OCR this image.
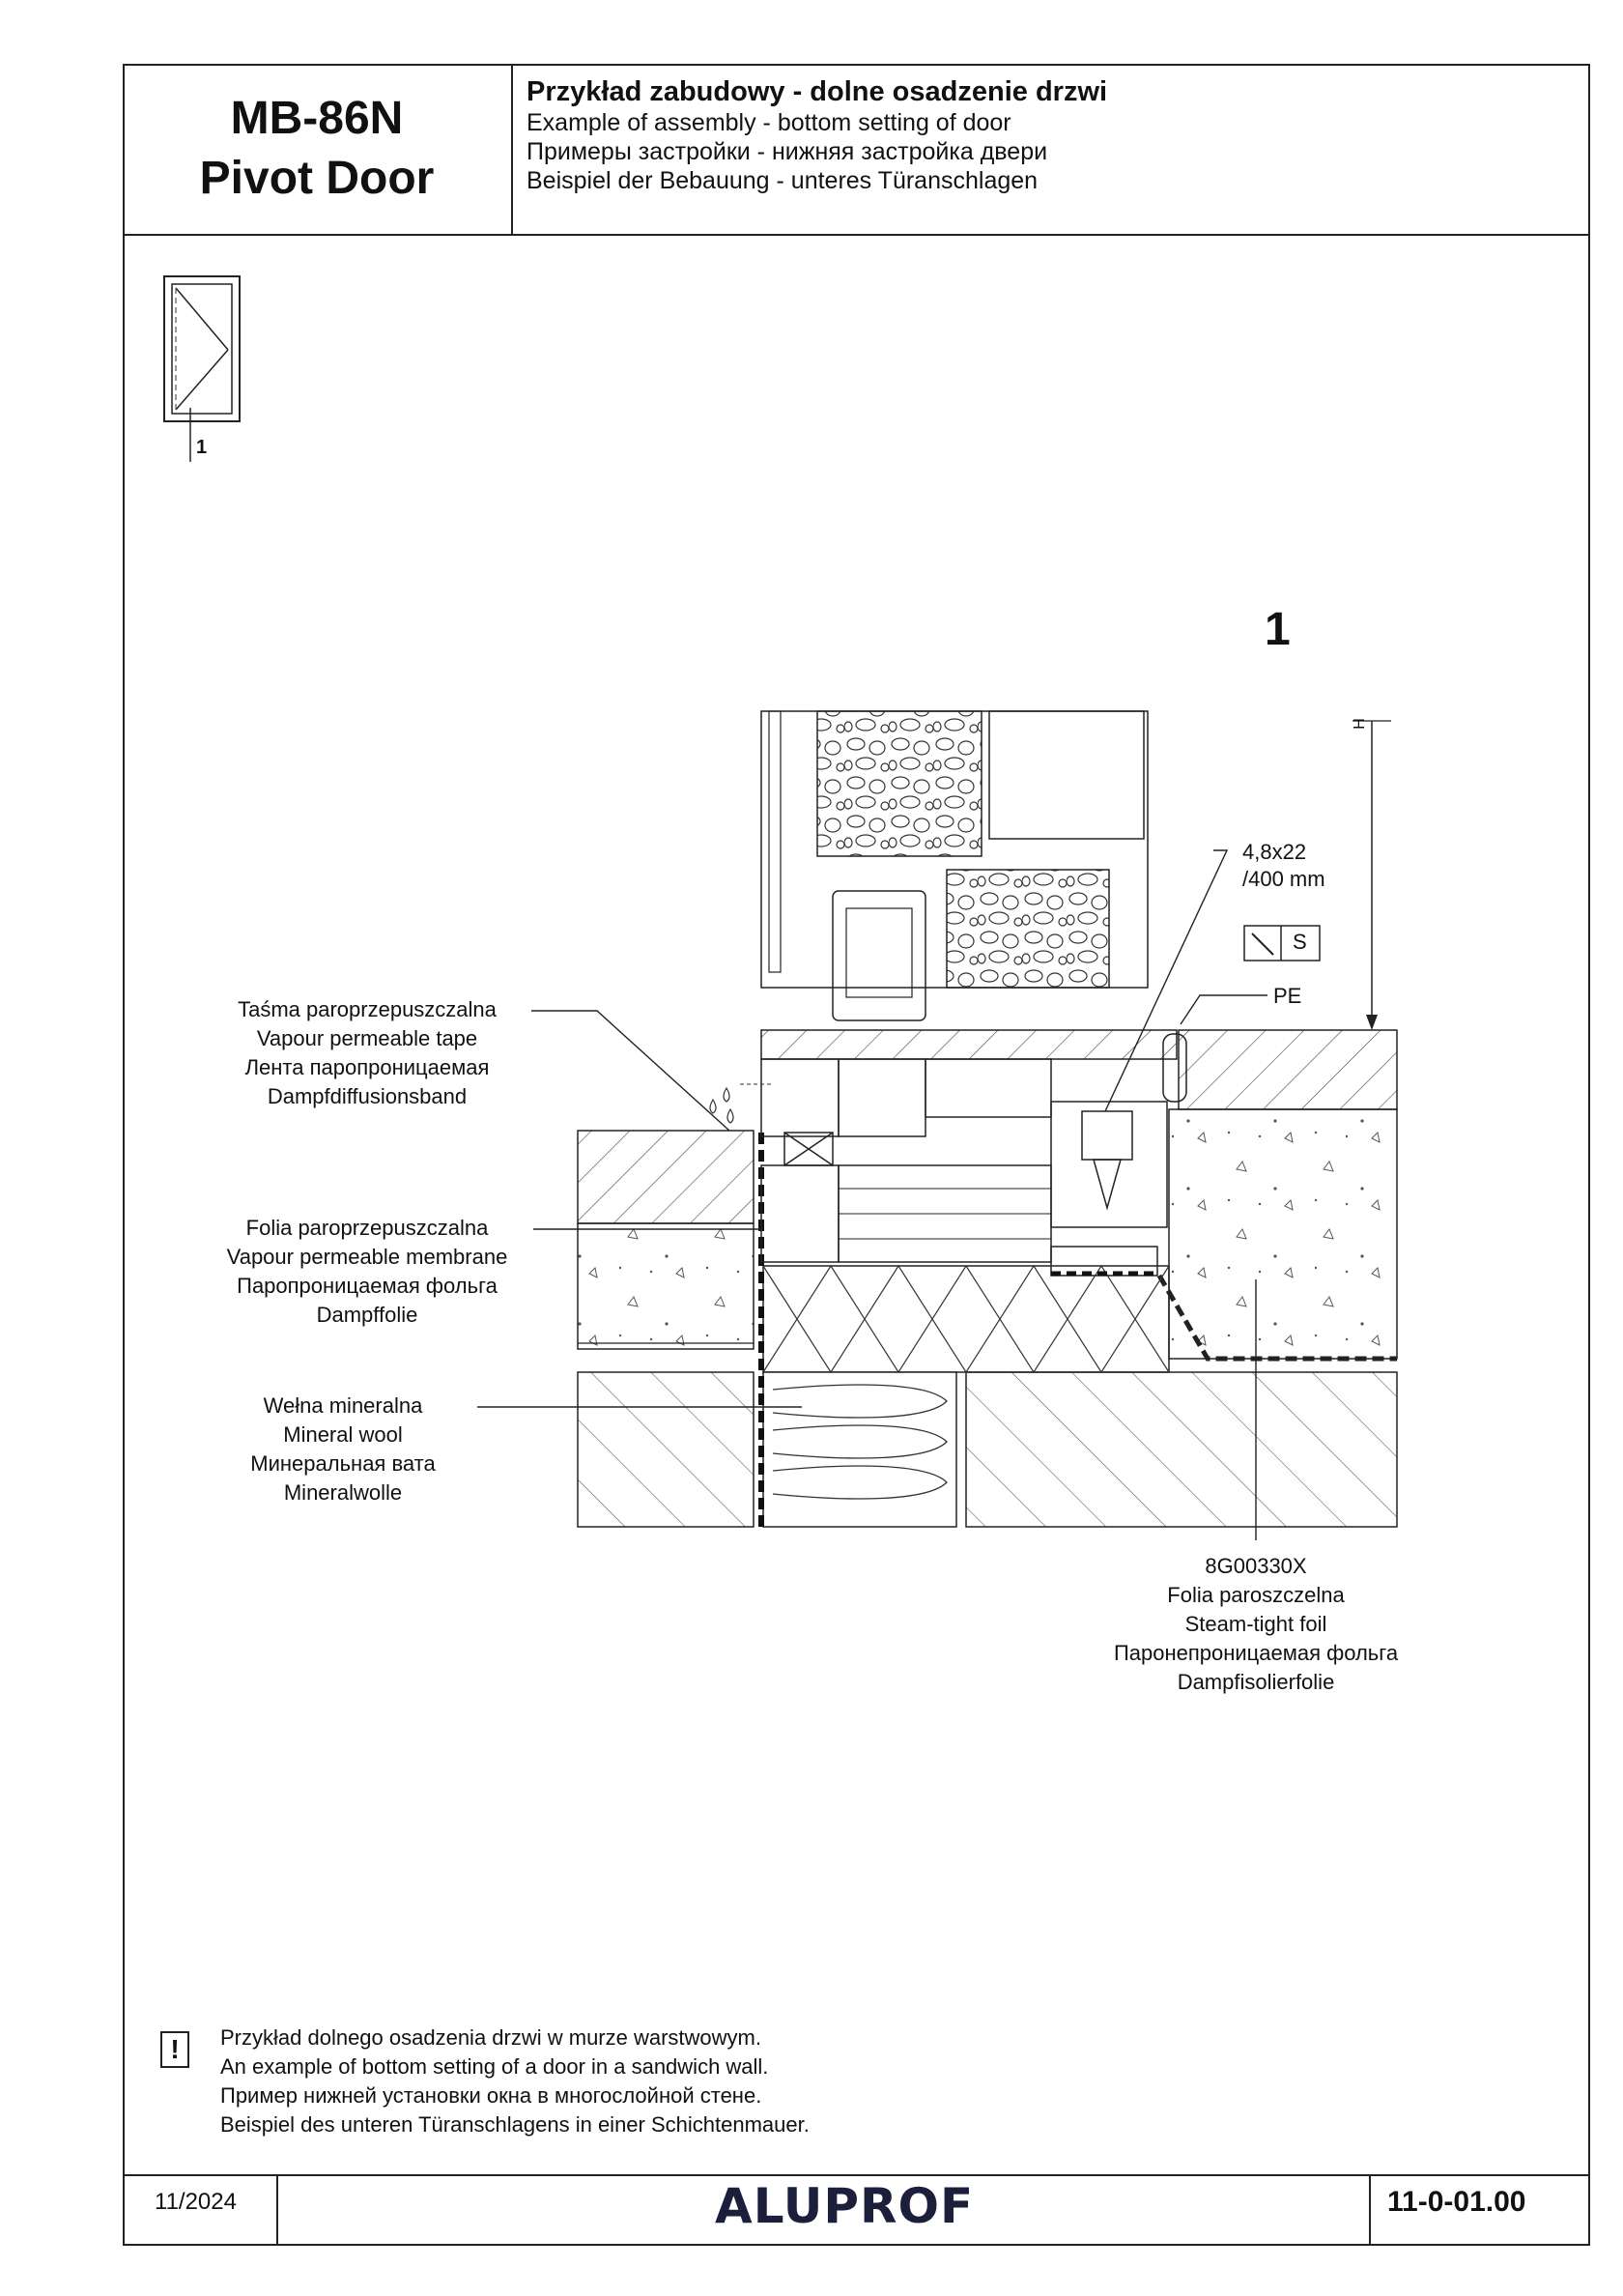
MB-86N
Pivot Door
Przykład zabudowy - dolne osadzenie drzwi
Example of assembly - bottom setting of door
Примеры застройки - нижняя застройка двери
Beispiel der Bebauung - unteres Türanschlagen
1
1
H
4,8x22
/400 mm
S
PE
Taśma paroprzepuszczalna
Vapour permeable tape
Лента паропроницаемая
Dampfdiffusionsband
Folia paroprzepuszczalna
Vapour permeable membrane
Паропроницаемая фольга
Dampffolie
Wełna mineralna
Mineral wool
Минеральная вата
Mineralwolle
8G00330X
Folia paroszczelna
Steam-tight foil
Паронепроницаемая фольга
Dampfisolierfolie
!	Przykład dolnego osadzenia drzwi w murze warstwowym.
An example of bottom setting of a door in a sandwich wall.
Пример нижней установки окна в многослойной стене.
Beispiel des unteren Türanschlagens in einer Schichtenmauer.
11/2024	ALUPROF	11-0-01.00
